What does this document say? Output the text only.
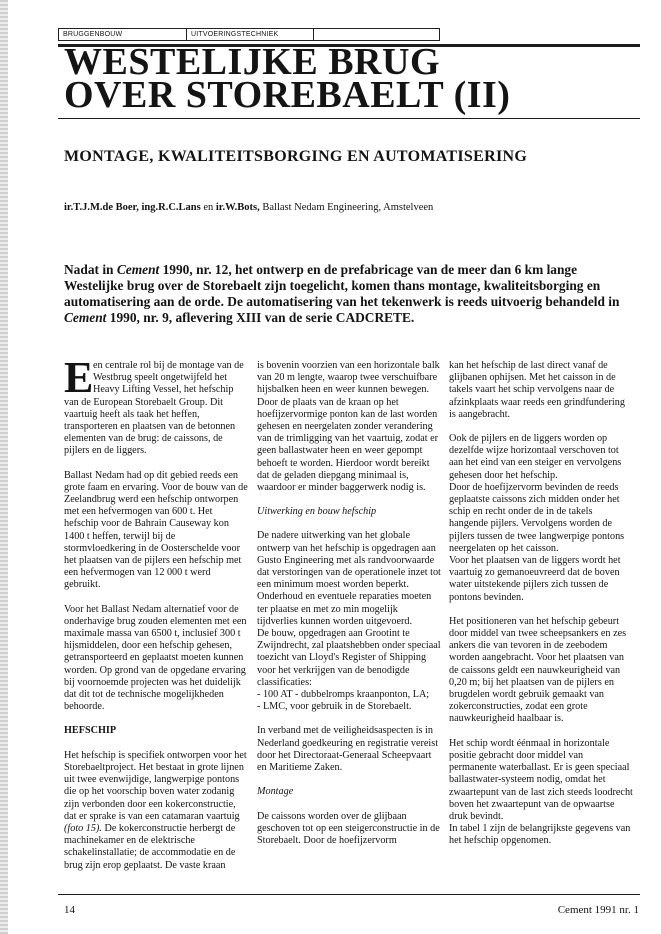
BRUGGENBOUW	UITVOERINGSTECHNIEK
WESTELIJKE BRUG
OVER STOREBAELT (II)
MONTAGE, KWALITEITSBORGING EN AUTOMATISERING
ir.T.J.M.de Boer, ing.R.C.Lans en ir.W.Bots, Ballast Nedam Engineering, Amstelveen

Nadat in Cement 1990, nr. 12, het ontwerp en de prefabricage van de meer dan 6 km lange Westelijke brug over de Storebaelt zijn toegelicht, komen thans montage, kwaliteitsborging en automatisering aan de orde. De automatisering van het tekenwerk is reeds uitvoerig behandeld in Cement 1990, nr. 9, aflevering XIII van de serie CADCRETE.

Een centrale rol bij de montage van de Westbrug speelt ongetwijfeld het Heavy Lifting Vessel, het hefschip van de European Storebaelt Group. Dit vaartuig heeft als taak het heffen, transporteren en plaatsen van de betonnen elementen van de brug: de caissons, de pijlers en de liggers.

Ballast Nedam had op dit gebied reeds een grote faam en ervaring. Voor de bouw van de Zeelandbrug werd een hefschip ontworpen met een hefvermogen van 600 t. Het hefschip voor de Bahrain Causeway kon 1400 t heffen, terwijl bij de stormvloedkering in de Oosterschelde voor het plaatsen van de pijlers een hefschip met een hefvermogen van 12 000 t werd gebruikt.

Voor het Ballast Nedam alternatief voor de onderhavige brug zouden elementen met een maximale massa van 6500 t, inclusief 300 t hijsmiddelen, door een hefschip gehesen, getransporteerd en geplaatst moeten kunnen worden. Op grond van de opgedane ervaring bij voornoemde projecten was het duidelijk dat dit tot de technische mogelijkheden behoorde.

HEFSCHIP

Het hefschip is specifiek ontworpen voor het Storebaeltproject. Het bestaat in grote lijnen uit twee evenwijdige, langwerpige pontons die op het voorschip boven water zodanig zijn verbonden door een kokerconstructie, dat er sprake is van een catamaran vaartuig (foto 15). De kokerconstructie herbergt de machinekamer en de elektrische schakelinstallatie; de accommodatie en de brug zijn erop geplaatst. De vaste kraan

is bovenin voorzien van een horizontale balk van 20 m lengte, waarop twee verschuifbare hijsbalken heen en weer kunnen bewegen.

Door de plaats van de kraan op het hoefijzervormige ponton kan de last worden gehesen en neergelaten zonder verandering van de trimligging van het vaartuig, zodat er geen ballastwater heen en weer gepompt behoeft te worden. Hierdoor wordt bereikt dat de geladen diepgang minimaal is, waardoor er minder baggerwerk nodig is.

Uitwerking en bouw hefschip

De nadere uitwerking van het globale ontwerp van het hefschip is opgedragen aan Gusto Engineering met als randvoorwaarde dat verstoringen van de operationele inzet tot een minimum moest worden beperkt. Onderhoud en eventuele reparaties moeten ter plaatse en met zo min mogelijk tijdverlies kunnen worden uitgevoerd.

De bouw, opgedragen aan Grootint te Zwijndrecht, zal plaatshebben onder speciaal toezicht van Lloyd's Register of Shipping voor het verkrijgen van de benodigde classificaties:

- 100 AT - dubbelromps kraanponton, LA;

- LMC, voor gebruik in de Storebaelt.

In verband met de veiligheidsaspecten is in Nederland goedkeuring en registratie vereist door het Directoraat-Generaal Scheepvaart en Maritieme Zaken.

Montage

De caissons worden over de glijbaan geschoven tot op een steigerconstructie in de Storebaelt. Door de hoefijzervorm

kan het hefschip de last direct vanaf de glijbanen ophijsen. Met het caisson in de takels vaart het schip vervolgens naar de afzinkplaats waar reeds een grindfundering is aangebracht.

Ook de pijlers en de liggers worden op dezelfde wijze horizontaal verschoven tot aan het eind van een steiger en vervolgens gehesen door het hefschip.

Door de hoefijzervorm bevinden de reeds geplaatste caissons zich midden onder het schip en recht onder de in de takels hangende pijlers. Vervolgens worden de pijlers tussen de twee langwerpige pontons neergelaten op het caisson.

Voor het plaatsen van de liggers wordt het vaartuig zo gemanoeuvreerd dat de boven water uitstekende pijlers zich tussen de pontons bevinden.

Het positioneren van het hefschip gebeurt door middel van twee scheepsankers en zes ankers die van tevoren in de zeebodem worden aangebracht. Voor het plaatsen van de caissons geldt een nauwkeurigheid van 0,20 m; bij het plaatsen van de pijlers en brugdelen wordt gebruik gemaakt van zokerconstructies, zodat een grote nauwkeurigheid haalbaar is.

Het schip wordt éénmaal in horizontale positie gebracht door middel van permanente waterballast. Er is geen speciaal ballastwater-systeem nodig, omdat het zwaartepunt van de last zich steeds loodrecht boven het zwaartepunt van de opwaartse druk bevindt.

In tabel 1 zijn de belangrijkste gegevens van het hefschip opgenomen.

14	Cement 1991 nr. 1
